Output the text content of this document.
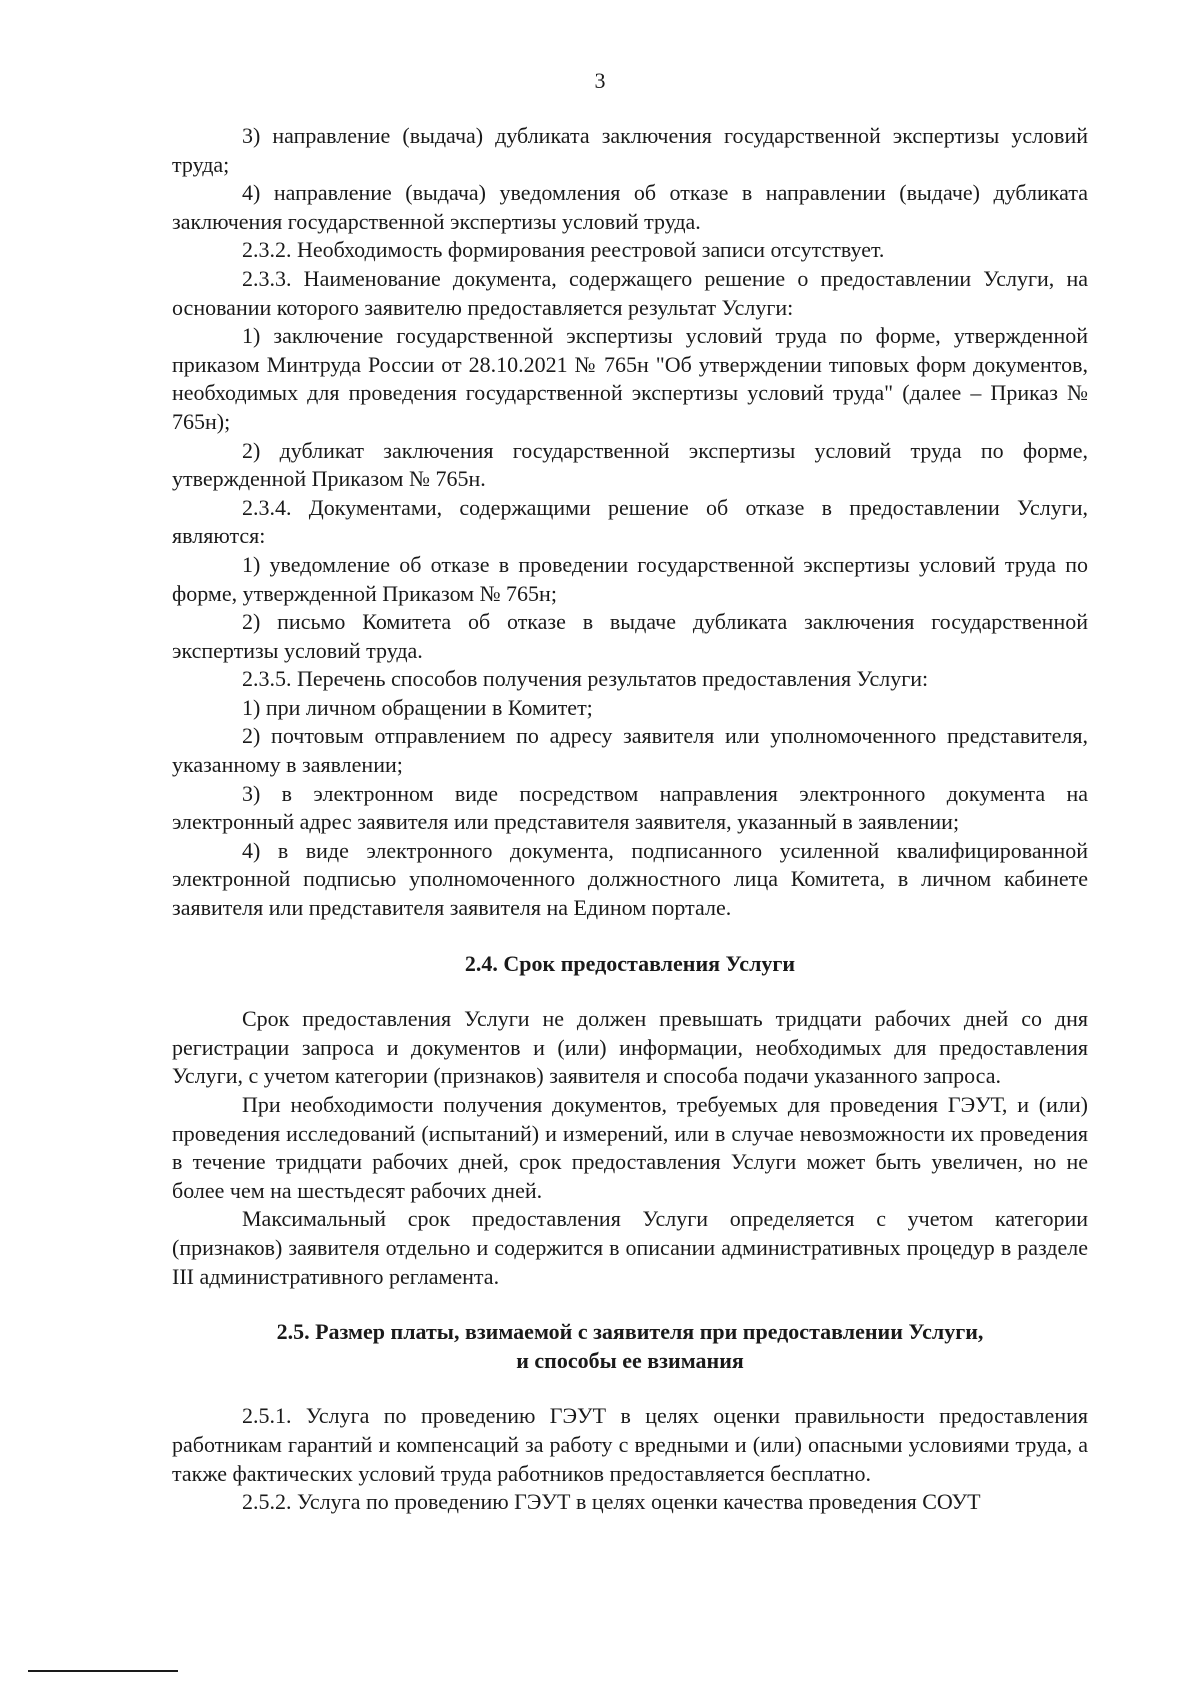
3

3) направление (выдача) дубликата заключения государственной экспертизы условий труда;

4) направление (выдача) уведомления об отказе в направлении (выдаче) дубликата заключения государственной экспертизы условий труда.

2.3.2. Необходимость формирования реестровой записи отсутствует.

2.3.3. Наименование документа, содержащего решение о предоставлении Услуги, на основании которого заявителю предоставляется результат Услуги:

1) заключение государственной экспертизы условий труда по форме, утвержденной приказом Минтруда России от 28.10.2021 № 765н "Об утверждении типовых форм документов, необходимых для проведения государственной экспертизы условий труда" (далее – Приказ № 765н);

2) дубликат заключения государственной экспертизы условий труда по форме, утвержденной Приказом № 765н.

2.3.4. Документами, содержащими решение об отказе в предоставлении Услуги, являются:

1) уведомление об отказе в проведении государственной экспертизы условий труда по форме, утвержденной Приказом № 765н;

2) письмо Комитета об отказе в выдаче дубликата заключения государственной экспертизы условий труда.

2.3.5. Перечень способов получения результатов предоставления Услуги:

1) при личном обращении в Комитет;

2) почтовым отправлением по адресу заявителя или уполномоченного представителя, указанному в заявлении;

3) в электронном виде посредством направления электронного документа на электронный адрес заявителя или представителя заявителя, указанный в заявлении;

4) в виде электронного документа, подписанного усиленной квалифицированной электронной подписью уполномоченного должностного лица Комитета, в личном кабинете заявителя или представителя заявителя на Едином портале.

2.4. Срок предоставления Услуги

Срок предоставления Услуги не должен превышать тридцати рабочих дней со дня регистрации запроса и документов и (или) информации, необходимых для предоставления Услуги, с учетом категории (признаков) заявителя и способа подачи указанного запроса.

При необходимости получения документов, требуемых для проведения ГЭУТ, и (или) проведения исследований (испытаний) и измерений, или в случае невозможности их проведения в течение тридцати рабочих дней, срок предоставления Услуги может быть увеличен, но не более чем на шестьдесят рабочих дней.

Максимальный срок предоставления Услуги определяется с учетом категории (признаков) заявителя отдельно и содержится в описании административных процедур в разделе III административного регламента.

2.5. Размер платы, взимаемой с заявителя при предоставлении Услуги,
и способы ее взимания

2.5.1. Услуга по проведению ГЭУТ в целях оценки правильности предоставления работникам гарантий и компенсаций за работу с вредными и (или) опасными условиями труда, а также фактических условий труда работников предоставляется бесплатно.

2.5.2. Услуга по проведению ГЭУТ в целях оценки качества проведения СОУТ
